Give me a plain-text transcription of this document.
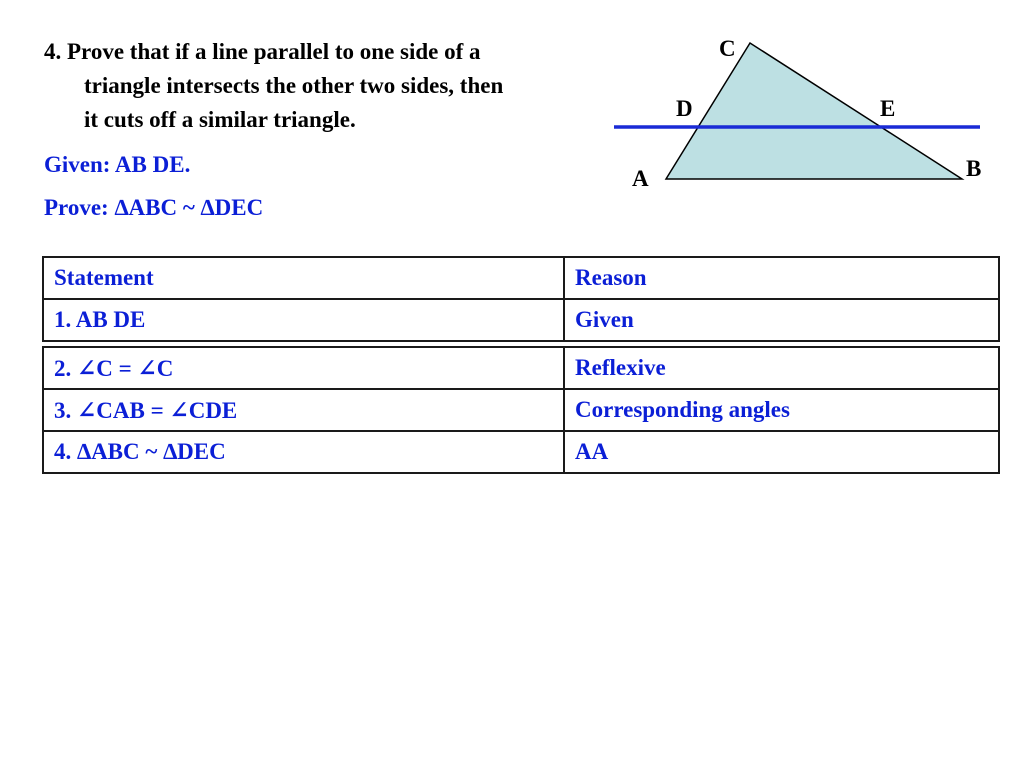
4. Prove that if a line parallel to one side of a
triangle intersects the other two sides, then
it cuts off a similar triangle.
Given: AB DE.
Prove: ∆ABC ~ ∆DEC
C
D	E
A	B
Statement	Reason
1. AB DE	Given
2. ∠C = ∠C	Reflexive
3. ∠CAB = ∠CDE	Corresponding angles
4. ∆ABC ~ ∆DEC	AA
